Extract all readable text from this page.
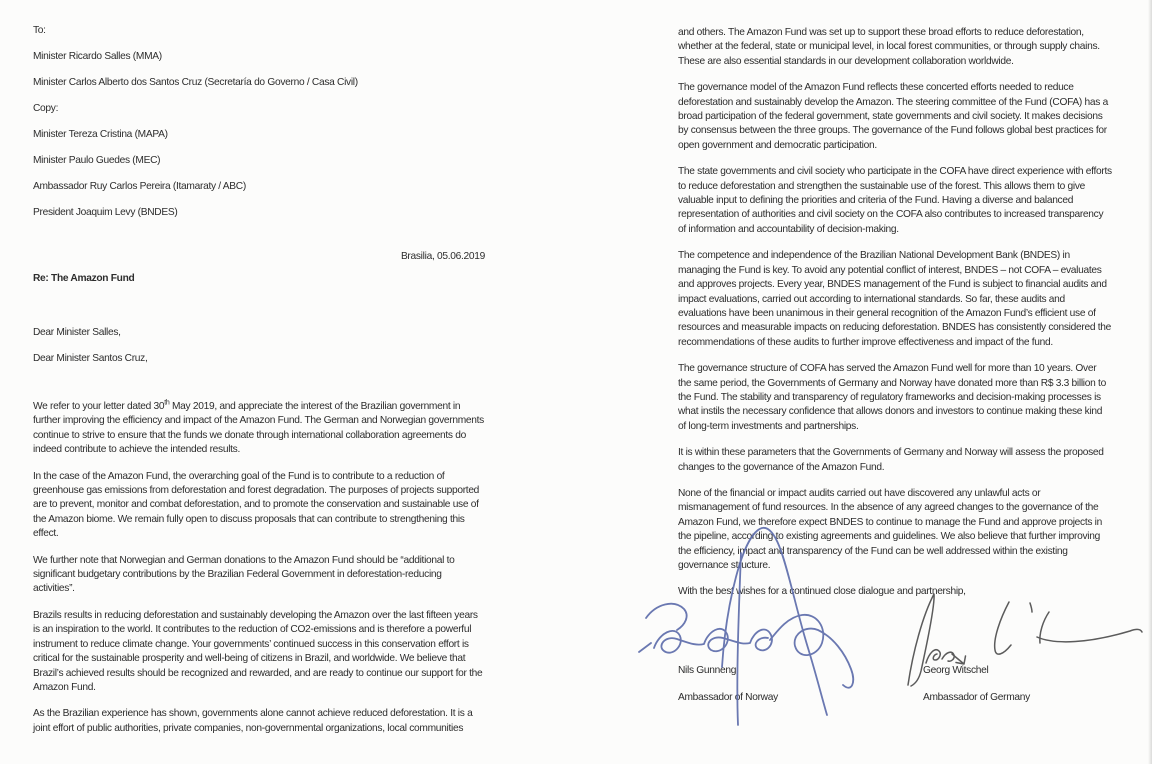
To:

Minister Ricardo Salles (MMA)

Minister Carlos Alberto dos Santos Cruz (Secretaría do Governo / Casa Civil)

Copy:

Minister Tereza Cristina (MAPA)

Minister Paulo Guedes (MEC)

Ambassador Ruy Carlos Pereira (Itamaraty / ABC)

President Joaquim Levy (BNDES)

Brasilia, 05.06.2019

Re: The Amazon Fund

Dear Minister Salles,

Dear Minister Santos Cruz,

We refer to your letter dated 30th May 2019, and appreciate the interest of the Brazilian government in further improving the efficiency and impact of the Amazon Fund. The German and Norwegian governments continue to strive to ensure that the funds we donate through international collaboration agreements do indeed contribute to achieve the intended results.

In the case of the Amazon Fund, the overarching goal of the Fund is to contribute to a reduction of greenhouse gas emissions from deforestation and forest degradation. The purposes of projects supported are to prevent, monitor and combat deforestation, and to promote the conservation and sustainable use of the Amazon biome. We remain fully open to discuss proposals that can contribute to strengthening this effect.

We further note that Norwegian and German donations to the Amazon Fund should be “additional to significant budgetary contributions by the Brazilian Federal Government in deforestation-reducing activities”.

Brazils results in reducing deforestation and sustainably developing the Amazon over the last fifteen years is an inspiration to the world. It contributes to the reduction of CO2-emissions and is therefore a powerful instrument to reduce climate change. Your governments’ continued success in this conservation effort is critical for the sustainable prosperity and well-being of citizens in Brazil, and worldwide. We believe that Brazil’s achieved results should be recognized and rewarded, and are ready to continue our support for the Amazon Fund.

As the Brazilian experience has shown, governments alone cannot achieve reduced deforestation. It is a joint effort of public authorities, private companies, non-governmental organizations, local communities

and others. The Amazon Fund was set up to support these broad efforts to reduce deforestation, whether at the federal, state or municipal level, in local forest communities, or through supply chains. These are also essential standards in our development collaboration worldwide.

The governance model of the Amazon Fund reflects these concerted efforts needed to reduce deforestation and sustainably develop the Amazon. The steering committee of the Fund (COFA) has a broad participation of the federal government, state governments and civil society. It makes decisions by consensus between the three groups. The governance of the Fund follows global best practices for open government and democratic participation.

The state governments and civil society who participate in the COFA have direct experience with efforts to reduce deforestation and strengthen the sustainable use of the forest. This allows them to give valuable input to defining the priorities and criteria of the Fund. Having a diverse and balanced representation of authorities and civil society on the COFA also contributes to increased transparency of information and accountability of decision-making.

The competence and independence of the Brazilian National Development Bank (BNDES) in managing the Fund is key. To avoid any potential conflict of interest, BNDES – not COFA – evaluates and approves projects. Every year, BNDES management of the Fund is subject to financial audits and impact evaluations, carried out according to international standards. So far, these audits and evaluations have been unanimous in their general recognition of the Amazon Fund’s efficient use of resources and measurable impacts on reducing deforestation. BNDES has consistently considered the recommendations of these audits to further improve effectiveness and impact of the fund.

The governance structure of COFA has served the Amazon Fund well for more than 10 years. Over the same period, the Governments of Germany and Norway have donated more than R$ 3.3 billion to the Fund. The stability and transparency of regulatory frameworks and decision-making processes is what instils the necessary confidence that allows donors and investors to continue making these kind of long-term investments and partnerships.

It is within these parameters that the Governments of Germany and Norway will assess the proposed changes to the governance of the Amazon Fund.

None of the financial or impact audits carried out have discovered any unlawful acts or mismanagement of fund resources. In the absence of any agreed changes to the governance of the Amazon Fund, we therefore expect BNDES to continue to manage the Fund and approve projects in the pipeline, according to existing agreements and guidelines. We also believe that further improving the efficiency, impact and transparency of the Fund can be well addressed within the existing governance structure.

With the best wishes for a continued close dialogue and partnership,

Nils Gunneng

Ambassador of Norway

Georg Witschel

Ambassador of Germany
